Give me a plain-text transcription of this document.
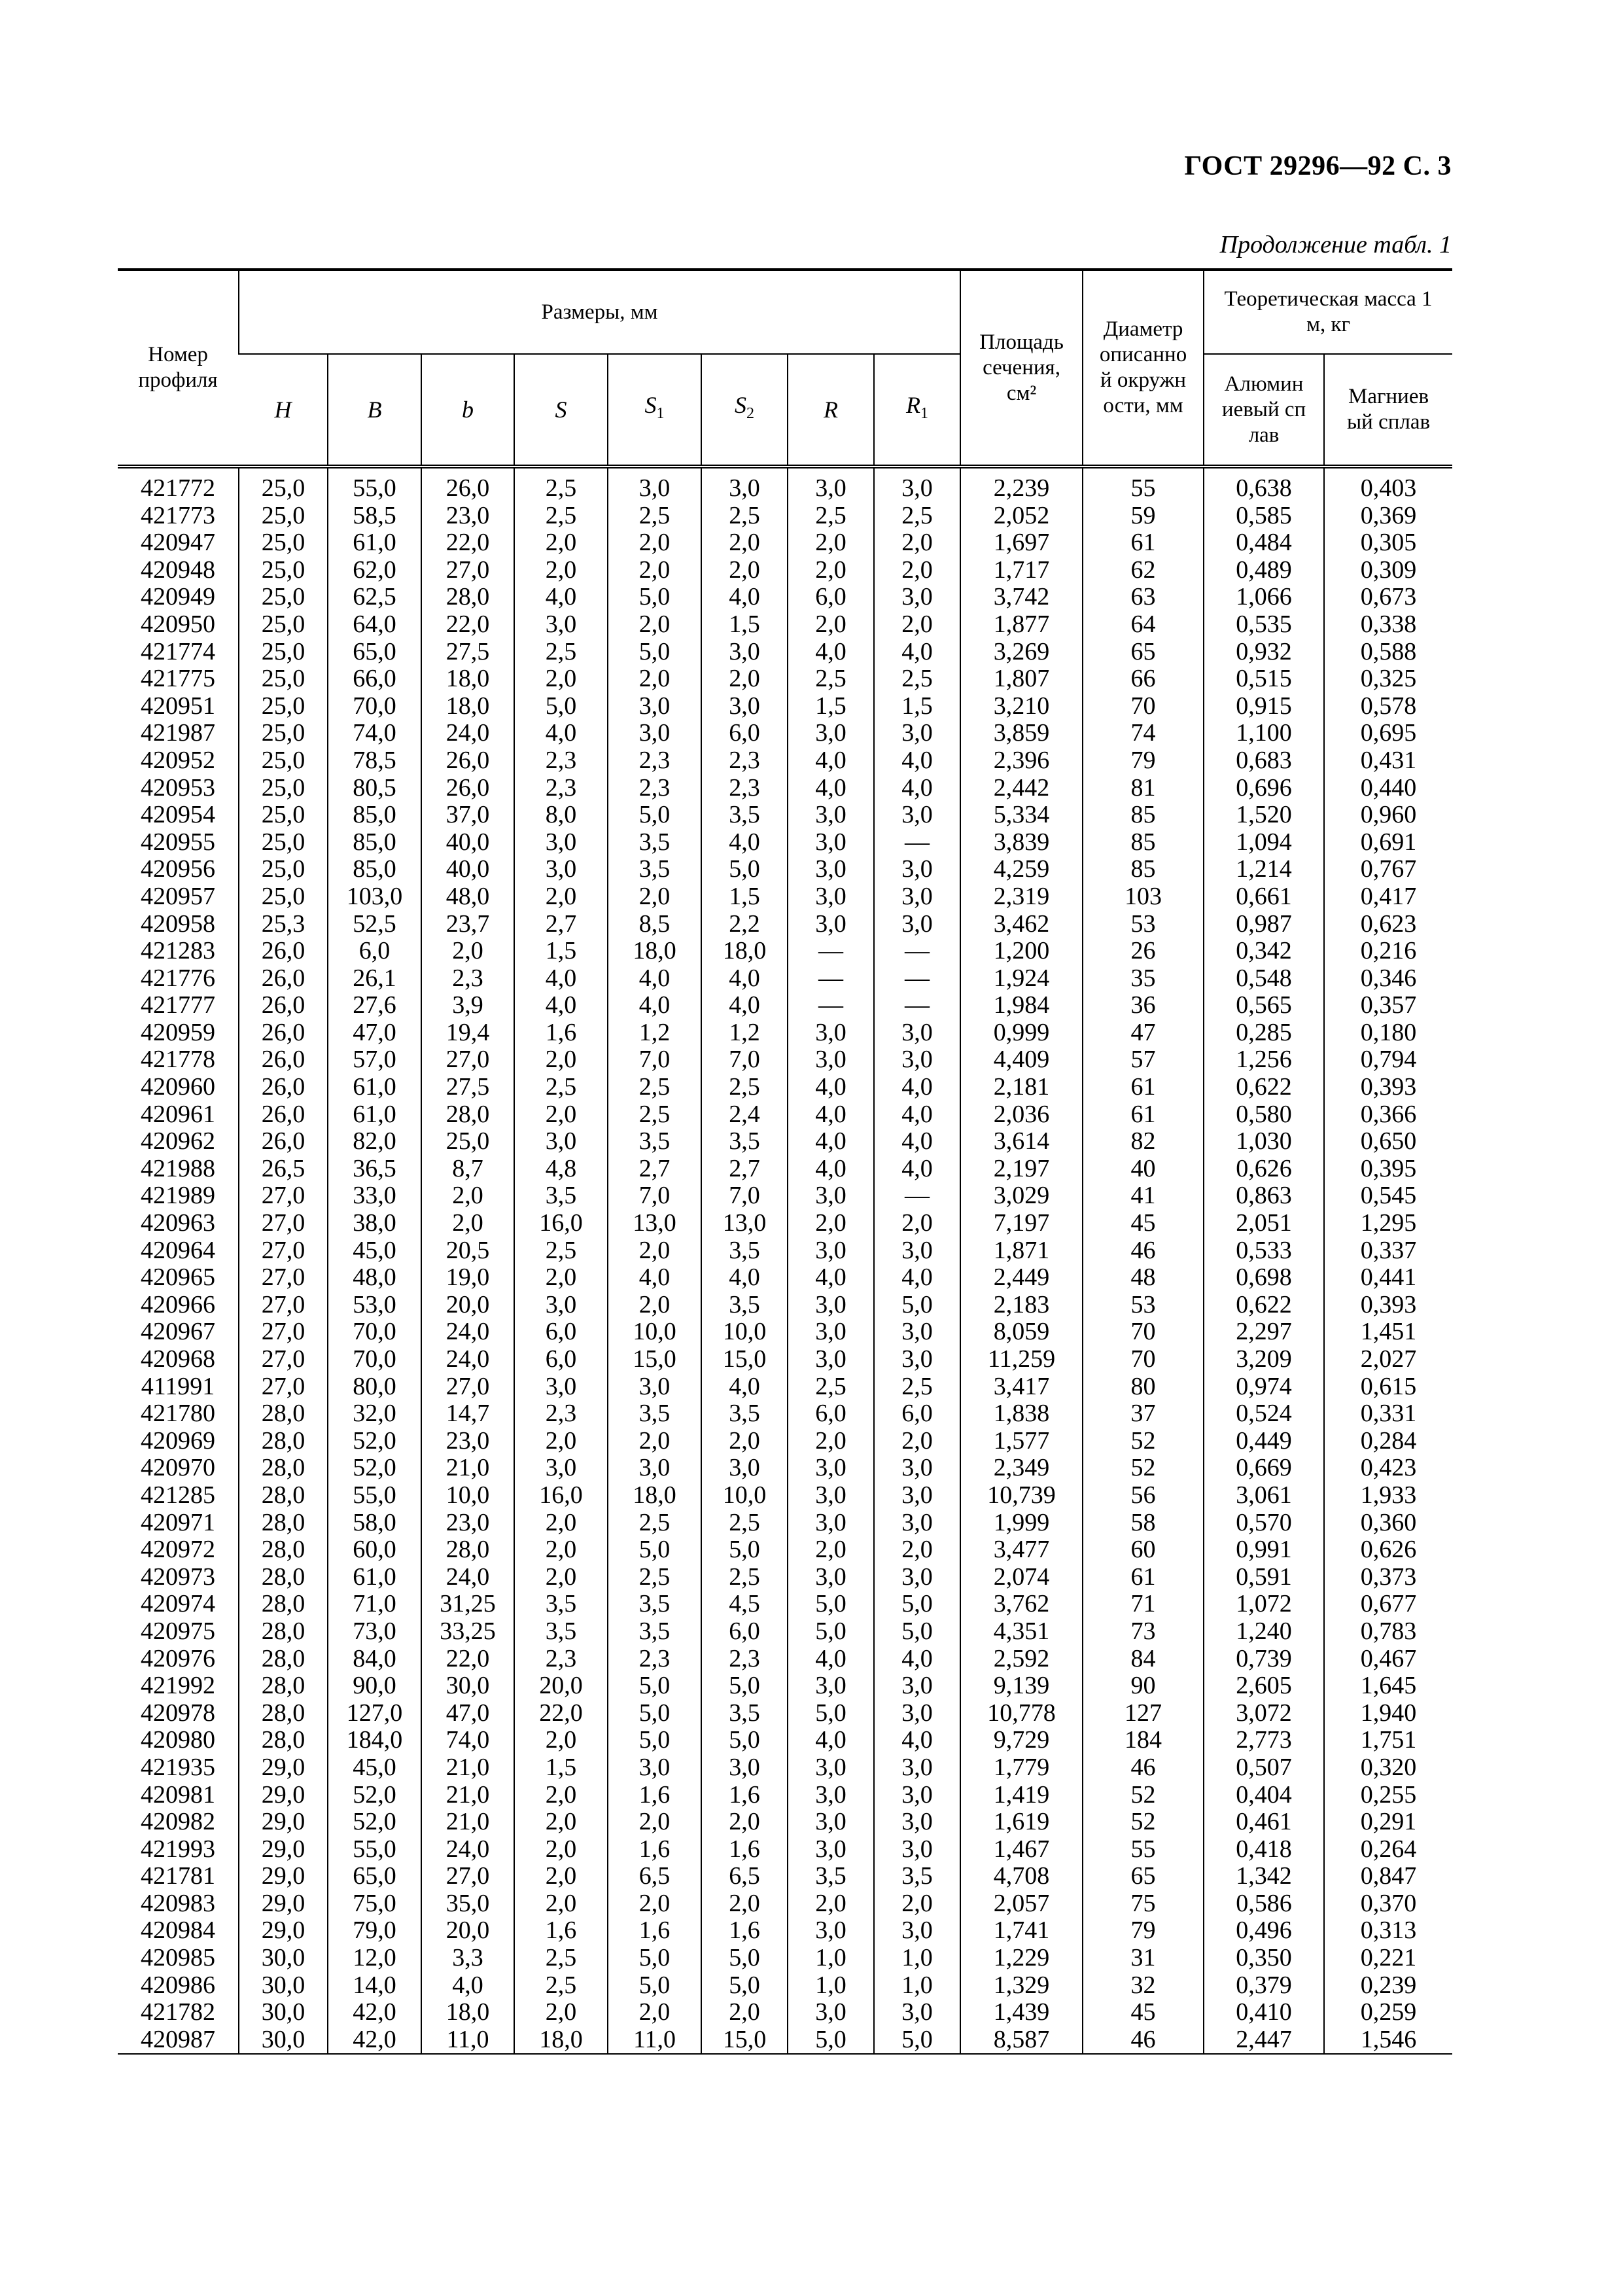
ГОСТ 29296—92 С. 3
Продолжение табл. 1
Номер профиля	Размеры, мм								Площадь сечения, см²	Диаметр описанной окружности, мм	Теоретическая масса 1 м, кг	

	H	B	b	S	$S_1$	$S_2$	R	$R_1$			Алюминиевый сплав	Магниевый сплав

421772	25,0	55,0	26,0	2,5	3,0	3,0	3,0	3,0	2,239	55	0,638	0,403
421773	25,0	58,5	23,0	2,5	2,5	2,5	2,5	2,5	2,052	59	0,585	0,369
420947	25,0	61,0	22,0	2,0	2,0	2,0	2,0	2,0	1,697	61	0,484	0,305
420948	25,0	62,0	27,0	2,0	2,0	2,0	2,0	2,0	1,717	62	0,489	0,309
420949	25,0	62,5	28,0	4,0	5,0	4,0	6,0	3,0	3,742	63	1,066	0,673
420950	25,0	64,0	22,0	3,0	2,0	1,5	2,0	2,0	1,877	64	0,535	0,338
421774	25,0	65,0	27,5	2,5	5,0	3,0	4,0	4,0	3,269	65	0,932	0,588
421775	25,0	66,0	18,0	2,0	2,0	2,0	2,5	2,5	1,807	66	0,515	0,325
420951	25,0	70,0	18,0	5,0	3,0	3,0	1,5	1,5	3,210	70	0,915	0,578
421987	25,0	74,0	24,0	4,0	3,0	6,0	3,0	3,0	3,859	74	1,100	0,695
420952	25,0	78,5	26,0	2,3	2,3	2,3	4,0	4,0	2,396	79	0,683	0,431
420953	25,0	80,5	26,0	2,3	2,3	2,3	4,0	4,0	2,442	81	0,696	0,440
420954	25,0	85,0	37,0	8,0	5,0	3,5	3,0	3,0	5,334	85	1,520	0,960
420955	25,0	85,0	40,0	3,0	3,5	4,0	3,0	—	3,839	85	1,094	0,691
420956	25,0	85,0	40,0	3,0	3,5	5,0	3,0	3,0	4,259	85	1,214	0,767
420957	25,0	103,0	48,0	2,0	2,0	1,5	3,0	3,0	2,319	103	0,661	0,417
420958	25,3	52,5	23,7	2,7	8,5	2,2	3,0	3,0	3,462	53	0,987	0,623
421283	26,0	6,0	2,0	1,5	18,0	18,0	—	—	1,200	26	0,342	0,216
421776	26,0	26,1	2,3	4,0	4,0	4,0	—	—	1,924	35	0,548	0,346
421777	26,0	27,6	3,9	4,0	4,0	4,0	—	—	1,984	36	0,565	0,357
420959	26,0	47,0	19,4	1,6	1,2	1,2	3,0	3,0	0,999	47	0,285	0,180
421778	26,0	57,0	27,0	2,0	7,0	7,0	3,0	3,0	4,409	57	1,256	0,794
420960	26,0	61,0	27,5	2,5	2,5	2,5	4,0	4,0	2,181	61	0,622	0,393
420961	26,0	61,0	28,0	2,0	2,5	2,4	4,0	4,0	2,036	61	0,580	0,366
420962	26,0	82,0	25,0	3,0	3,5	3,5	4,0	4,0	3,614	82	1,030	0,650
421988	26,5	36,5	8,7	4,8	2,7	2,7	4,0	4,0	2,197	40	0,626	0,395
421989	27,0	33,0	2,0	3,5	7,0	7,0	3,0	—	3,029	41	0,863	0,545
420963	27,0	38,0	2,0	16,0	13,0	13,0	2,0	2,0	7,197	45	2,051	1,295
420964	27,0	45,0	20,5	2,5	2,0	3,5	3,0	3,0	1,871	46	0,533	0,337
420965	27,0	48,0	19,0	2,0	4,0	4,0	4,0	4,0	2,449	48	0,698	0,441
420966	27,0	53,0	20,0	3,0	2,0	3,5	3,0	5,0	2,183	53	0,622	0,393
420967	27,0	70,0	24,0	6,0	10,0	10,0	3,0	3,0	8,059	70	2,297	1,451
420968	27,0	70,0	24,0	6,0	15,0	15,0	3,0	3,0	11,259	70	3,209	2,027
411991	27,0	80,0	27,0	3,0	3,0	4,0	2,5	2,5	3,417	80	0,974	0,615
421780	28,0	32,0	14,7	2,3	3,5	3,5	6,0	6,0	1,838	37	0,524	0,331
420969	28,0	52,0	23,0	2,0	2,0	2,0	2,0	2,0	1,577	52	0,449	0,284
420970	28,0	52,0	21,0	3,0	3,0	3,0	3,0	3,0	2,349	52	0,669	0,423
421285	28,0	55,0	10,0	16,0	18,0	10,0	3,0	3,0	10,739	56	3,061	1,933
420971	28,0	58,0	23,0	2,0	2,5	2,5	3,0	3,0	1,999	58	0,570	0,360
420972	28,0	60,0	28,0	2,0	5,0	5,0	2,0	2,0	3,477	60	0,991	0,626
420973	28,0	61,0	24,0	2,0	2,5	2,5	3,0	3,0	2,074	61	0,591	0,373
420974	28,0	71,0	31,25	3,5	3,5	4,5	5,0	5,0	3,762	71	1,072	0,677
420975	28,0	73,0	33,25	3,5	3,5	6,0	5,0	5,0	4,351	73	1,240	0,783
420976	28,0	84,0	22,0	2,3	2,3	2,3	4,0	4,0	2,592	84	0,739	0,467
421992	28,0	90,0	30,0	20,0	5,0	5,0	3,0	3,0	9,139	90	2,605	1,645
420978	28,0	127,0	47,0	22,0	5,0	3,5	5,0	3,0	10,778	127	3,072	1,940
420980	28,0	184,0	74,0	2,0	5,0	5,0	4,0	4,0	9,729	184	2,773	1,751
421935	29,0	45,0	21,0	1,5	3,0	3,0	3,0	3,0	1,779	46	0,507	0,320
420981	29,0	52,0	21,0	2,0	1,6	1,6	3,0	3,0	1,419	52	0,404	0,255
420982	29,0	52,0	21,0	2,0	2,0	2,0	3,0	3,0	1,619	52	0,461	0,291
421993	29,0	55,0	24,0	2,0	1,6	1,6	3,0	3,0	1,467	55	0,418	0,264
421781	29,0	65,0	27,0	2,0	6,5	6,5	3,5	3,5	4,708	65	1,342	0,847
420983	29,0	75,0	35,0	2,0	2,0	2,0	2,0	2,0	2,057	75	0,586	0,370
420984	29,0	79,0	20,0	1,6	1,6	1,6	3,0	3,0	1,741	79	0,496	0,313
420985	30,0	12,0	3,3	2,5	5,0	5,0	1,0	1,0	1,229	31	0,350	0,221
420986	30,0	14,0	4,0	2,5	5,0	5,0	1,0	1,0	1,329	32	0,379	0,239
421782	30,0	42,0	18,0	2,0	2,0	2,0	3,0	3,0	1,439	45	0,410	0,259
420987	30,0	42,0	11,0	18,0	11,0	15,0	5,0	5,0	8,587	46	2,447	1,546
